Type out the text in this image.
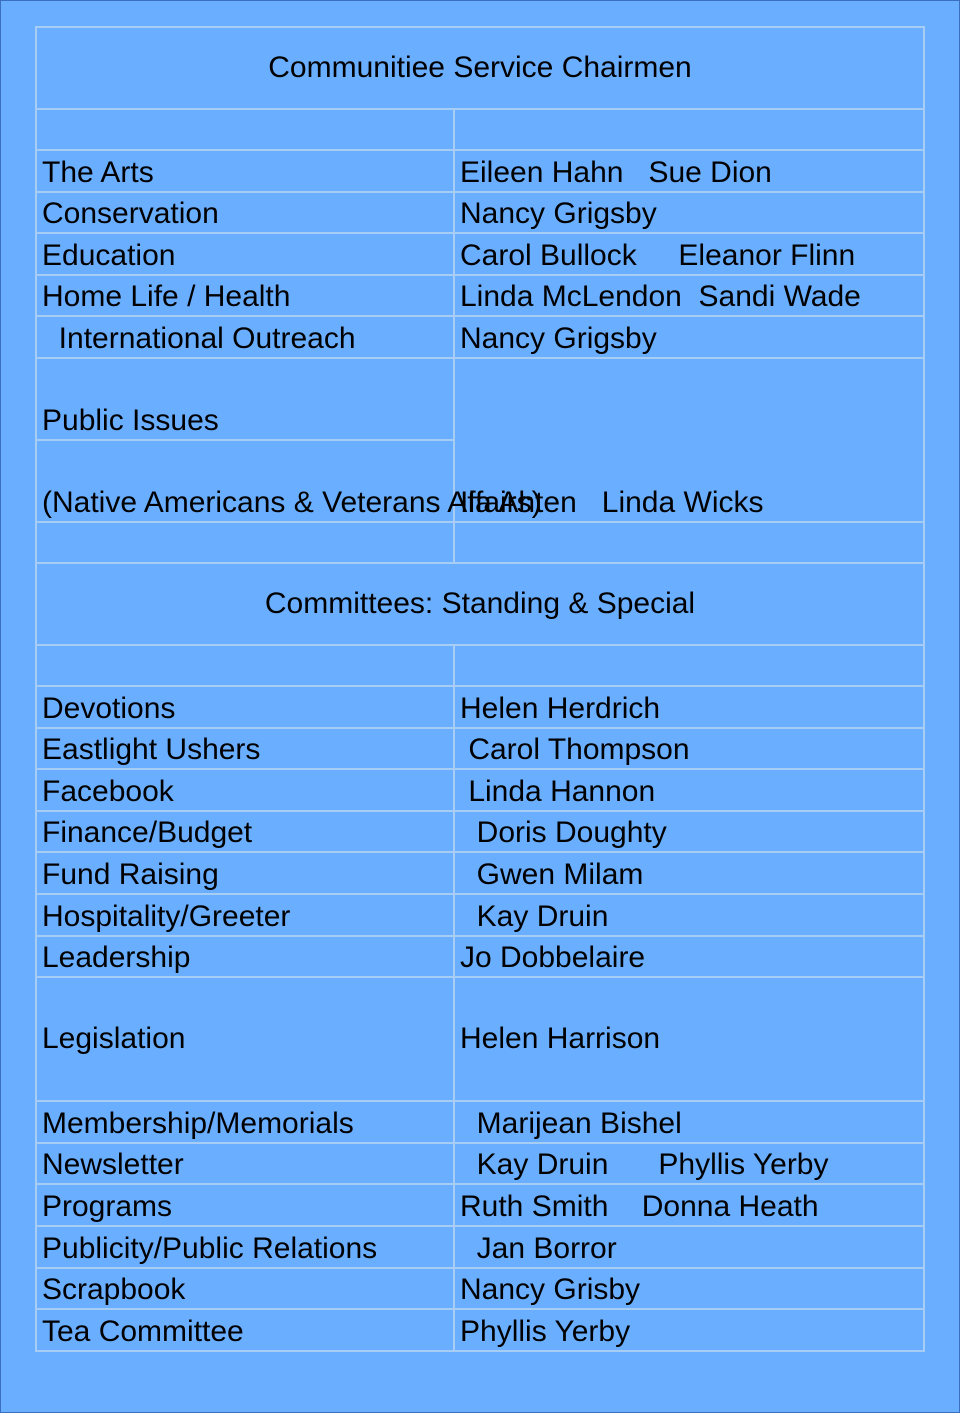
Communitiee Service Chairmen	

The Arts	Eileen Hahn   Sue Dion
Conservation	Nancy Grigsby
Education	Carol Bullock     Eleanor Flinn
Home Life / Health	Linda McLendon  Sandi Wade
International Outreach	Nancy Grigsby
Public Issues	Ila Ahten   Linda Wicks
(Native Americans & Veterans Affairs)	

Committees: Standing & Special	

Devotions	Helen Herdrich
Eastlight Ushers	Carol Thompson
Facebook	Linda Hannon
Finance/Budget	Doris Doughty
Fund Raising	Gwen Milam
Hospitality/Greeter	Kay Druin
Leadership	Jo Dobbelaire
Legislation	Helen Harrison
Membership/Memorials	Marijean Bishel
Newsletter	Kay Druin      Phyllis Yerby
Programs	Ruth Smith    Donna Heath
Publicity/Public Relations	Jan Borror
Scrapbook	Nancy Grisby
Tea Committee	Phyllis Yerby
